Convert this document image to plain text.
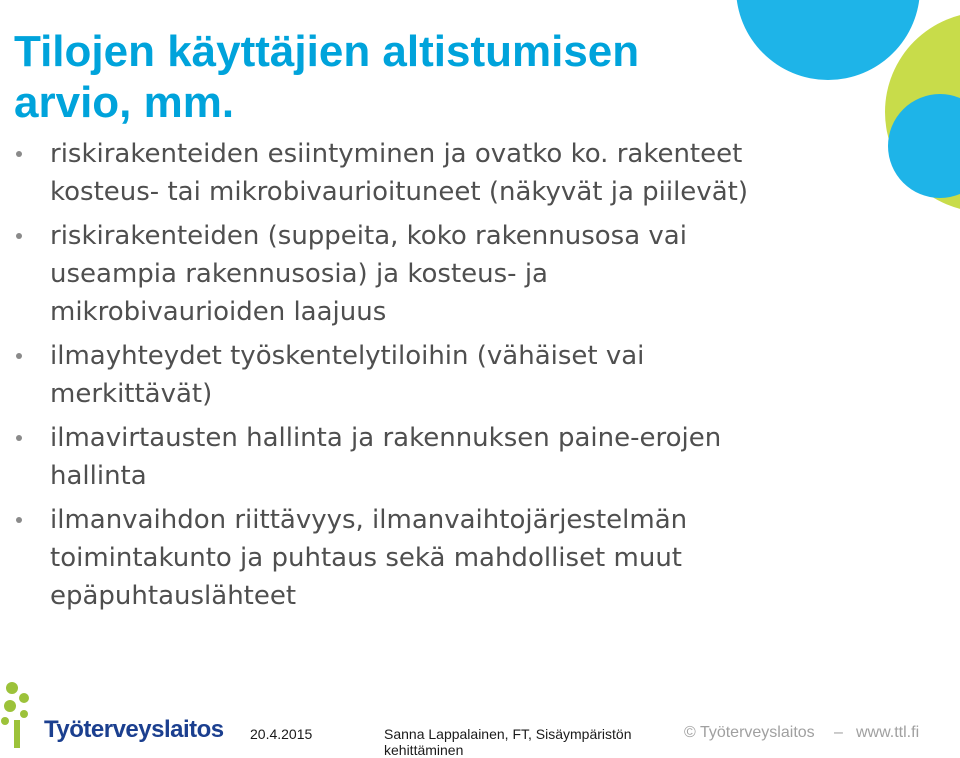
Tilojen käyttäjien altistumisen arvio, mm.
riskirakenteiden esiintyminen ja ovatko ko. rakenteet kosteus- tai mikrobivaurioituneet (näkyvät ja piilevät)
riskirakenteiden (suppeita, koko rakennusosa vai useampia rakennusosia) ja kosteus- ja mikrobivaurioiden laajuus
ilmayhteydet työskentelytiloihin (vähäiset vai merkittävät)
ilmavirtausten hallinta ja rakennuksen paine-erojen hallinta
ilmanvaihdon riittävyys, ilmanvaihtojärjestelmän toimintakunto ja puhtaus sekä mahdolliset muut epäpuhtauslähteet
Työterveyslaitos 20.4.2015	Sanna Lappalainen, FT, Sisäympäristön kehittäminen
© Työterveyslaitos – www.ttl.fi
